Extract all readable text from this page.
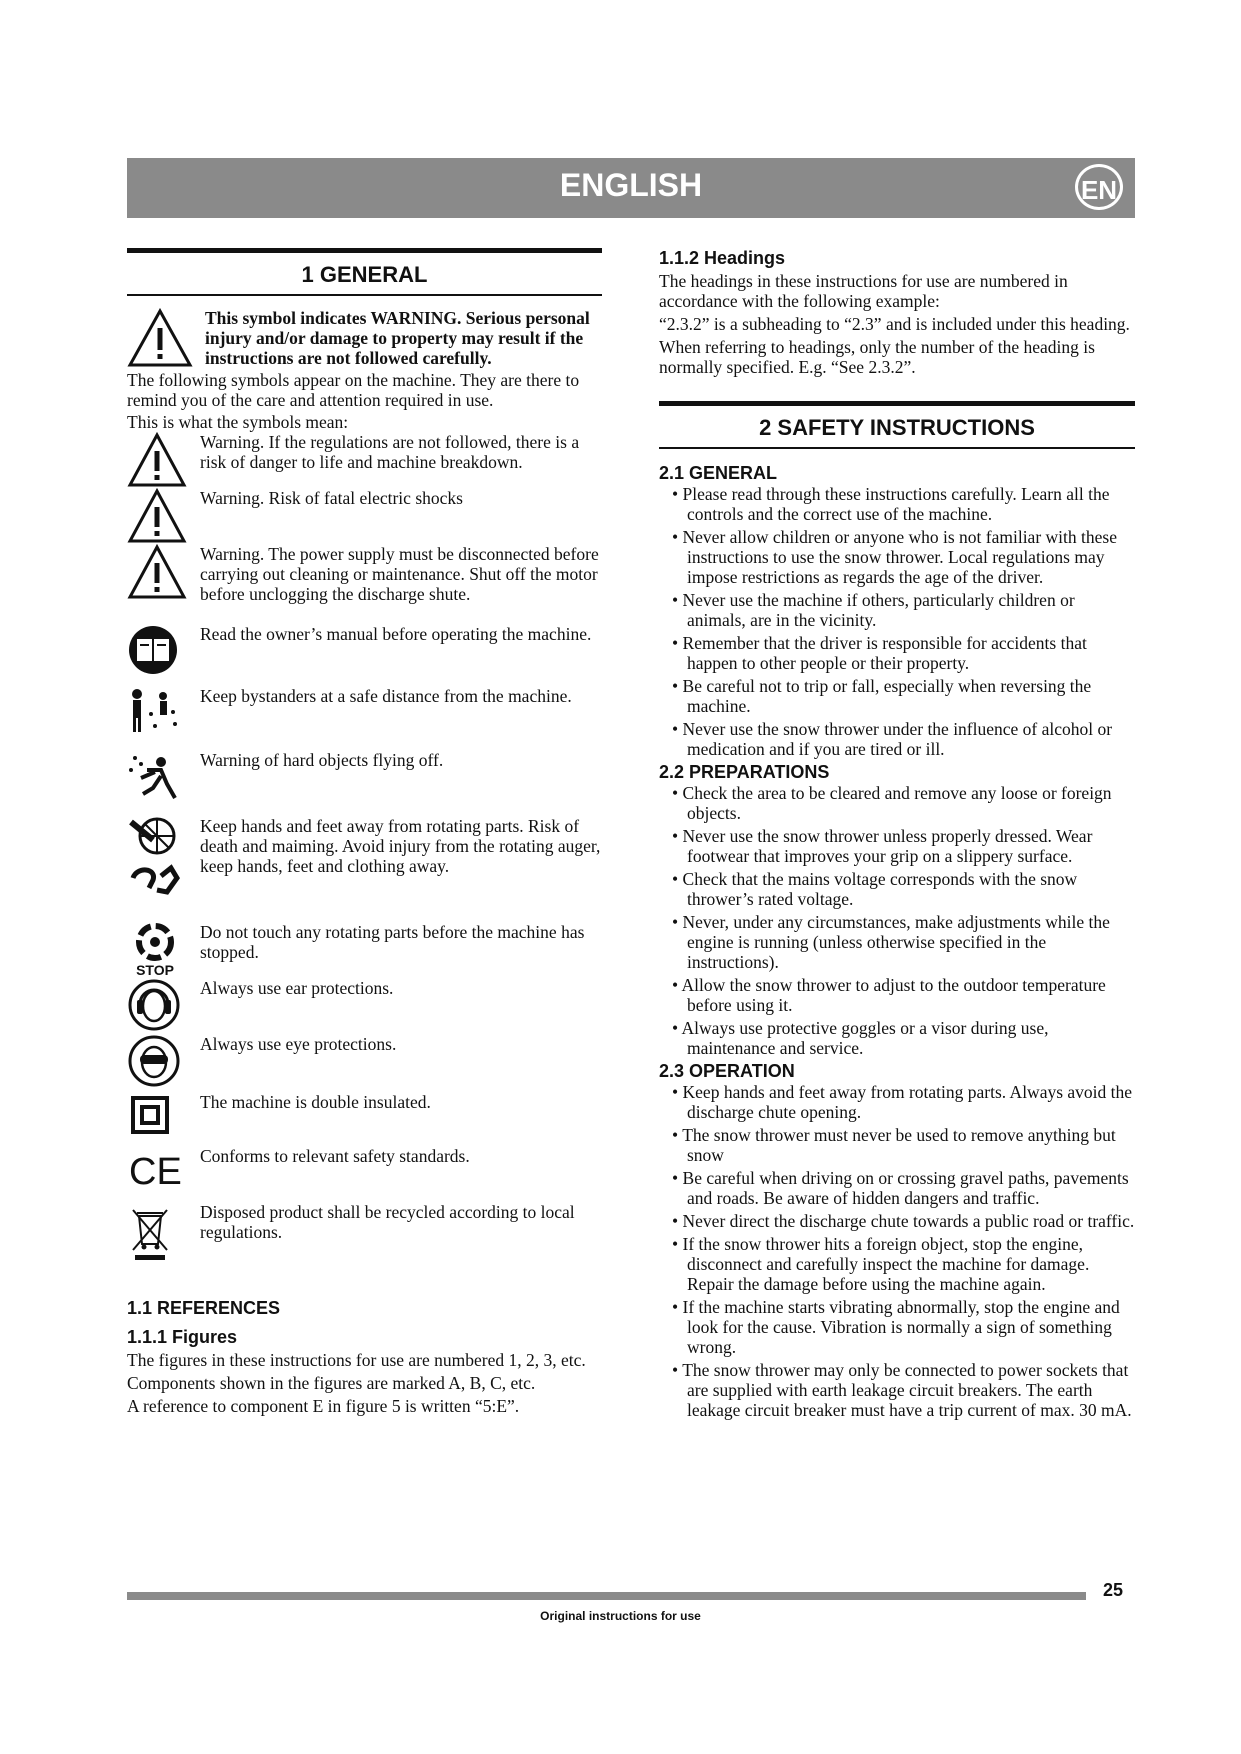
ENGLISH	EN
1 GENERAL
This symbol indicates WARNING. Serious personal injury and/or damage to property may result if the instructions are not followed carefully.

The following symbols appear on the machine. They are there to remind you of the care and attention required in use.

This is what the symbols mean:

Warning. If the regulations are not followed, there is a risk of danger to life and machine breakdown.
Warning. Risk of fatal electric shocks
Warning. The power supply must be disconnected before carrying out cleaning or maintenance. Shut off the motor before unclogging the discharge shute.
Read the owner’s manual before operating the machine.
Keep bystanders at a safe distance from the machine.
Warning of hard objects flying off.
Keep hands and feet away from rotating parts. Risk of death and maiming. Avoid injury from the rotating auger, keep hands, feet and clothing away.
STOP
Do not touch any rotating parts before the machine has stopped.
Always use ear protections.
Always use eye protections.
The machine is double insulated.
CE Conforms to relevant safety standards.
Disposed product shall be recycled according to local regulations.
1.1 REFERENCES
1.1.1 Figures

The figures in these instructions for use are numbered 1, 2, 3, etc.

Components shown in the figures are marked A, B, C, etc.

A reference to component E in figure 5 is written “5:E”.

1.1.2 Headings

The headings in these instructions for use are numbered in accordance with the following example:

“2.3.2” is a subheading to “2.3” and is included under this heading.

When referring to headings, only the number of the heading is normally specified. E.g. “See 2.3.2”.

2 SAFETY INSTRUCTIONS
2.1 GENERAL
• Please read through these instructions carefully. Learn all the controls and the correct use of the machine.
• Never allow children or anyone who is not familiar with these instructions to use the snow thrower. Local regulations may impose restrictions as regards the age of the driver.
• Never use the machine if others, particularly children or animals, are in the vicinity.
• Remember that the driver is responsible for accidents that happen to other people or their property.
• Be careful not to trip or fall, especially when reversing the machine.
• Never use the snow thrower under the influence of alcohol or medication and if you are tired or ill.
2.2 PREPARATIONS
• Check the area to be cleared and remove any loose or foreign objects.
• Never use the snow thrower unless properly dressed. Wear footwear that improves your grip on a slippery surface.
• Check that the mains voltage corresponds with the snow thrower’s rated voltage.
• Never, under any circumstances, make adjustments while the engine is running (unless otherwise specified in the instructions).
• Allow the snow thrower to adjust to the outdoor temperature before using it.
• Always use protective goggles or a visor during use, maintenance and service.
2.3 OPERATION
• Keep hands and feet away from rotating parts. Always avoid the discharge chute opening.
• The snow thrower must never be used to remove anything but snow
• Be careful when driving on or crossing gravel paths, pavements and roads. Be aware of hidden dangers and traffic.
• Never direct the discharge chute towards a public road or traffic.
• If the snow thrower hits a foreign object, stop the engine, disconnect and carefully inspect the machine for damage. Repair the damage before using the machine again.
• If the machine starts vibrating abnormally, stop the engine and look for the cause. Vibration is normally a sign of something wrong.
• The snow thrower may only be connected to power sockets that are supplied with earth leakage circuit breakers. The earth leakage circuit breaker must have a trip current of max. 30 mA.
25
Original instructions for use
